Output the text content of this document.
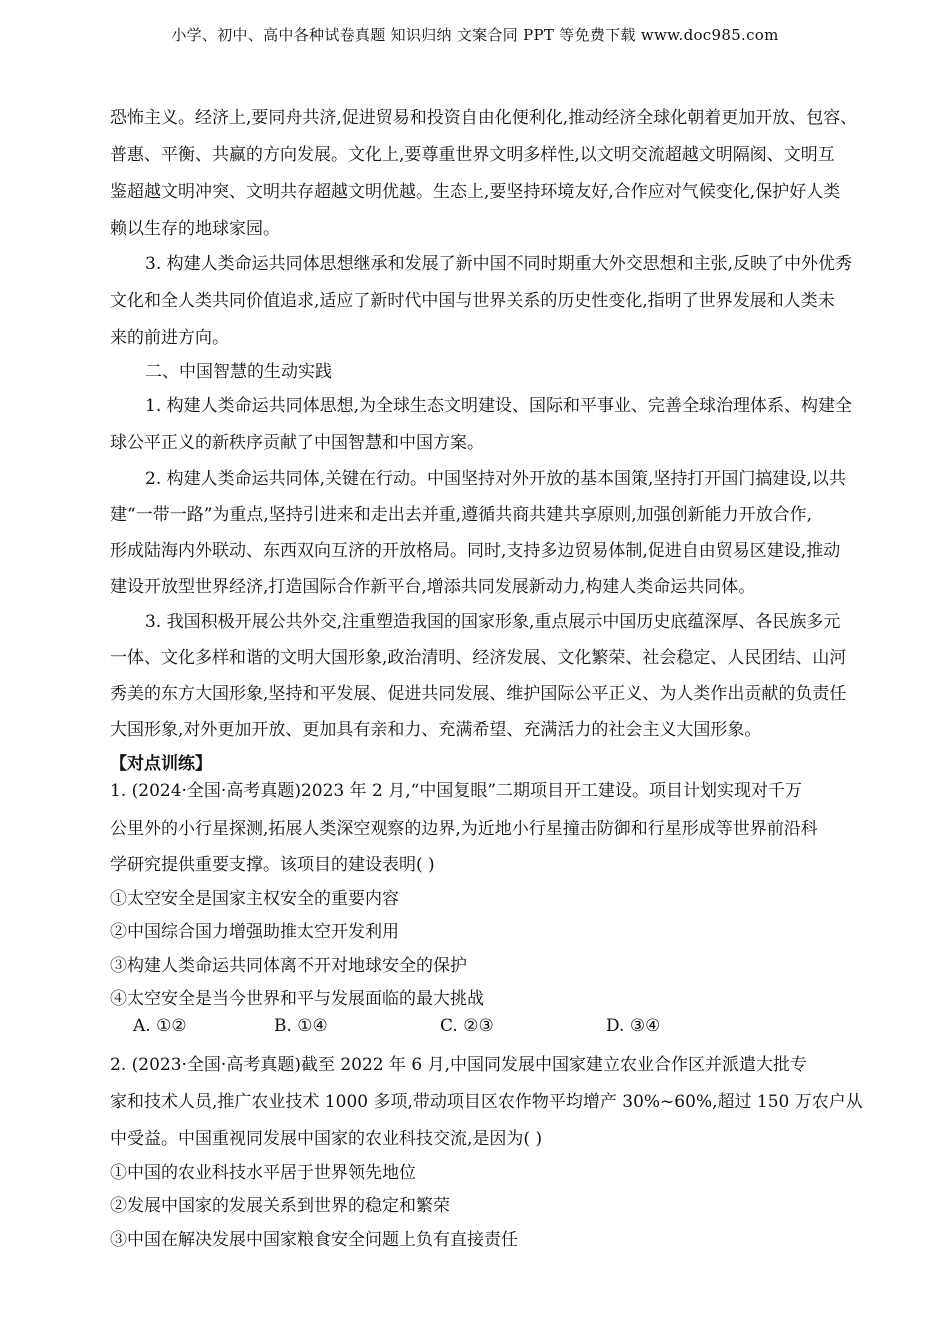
小学、初中、高中各种试卷真题 知识归纳 文案合同 PPT 等免费下载 www.doc985.com
恐怖主义。经济上,要同舟共济,促进贸易和投资自由化便利化,推动经济全球化朝着更加开放、包容、
普惠、平衡、共赢的方向发展。文化上,要尊重世界文明多样性,以文明交流超越文明隔阂、文明互
鉴超越文明冲突、文明共存超越文明优越。生态上,要坚持环境友好,合作应对气候变化,保护好人类
赖以生存的地球家园。
3. 构建人类命运共同体思想继承和发展了新中国不同时期重大外交思想和主张,反映了中外优秀
文化和全人类共同价值追求,适应了新时代中国与世界关系的历史性变化,指明了世界发展和人类未
来的前进方向。
二、中国智慧的生动实践
1. 构建人类命运共同体思想,为全球生态文明建设、国际和平事业、完善全球治理体系、构建全
球公平正义的新秩序贡献了中国智慧和中国方案。
2. 构建人类命运共同体,关键在行动。中国坚持对外开放的基本国策,坚持打开国门搞建设,以共
建“一带一路”为重点,坚持引进来和走出去并重,遵循共商共建共享原则,加强创新能力开放合作,
形成陆海内外联动、东西双向互济的开放格局。同时,支持多边贸易体制,促进自由贸易区建设,推动
建设开放型世界经济,打造国际合作新平台,增添共同发展新动力,构建人类命运共同体。
3. 我国积极开展公共外交,注重塑造我国的国家形象,重点展示中国历史底蕴深厚、各民族多元
一体、文化多样和谐的文明大国形象,政治清明、经济发展、文化繁荣、社会稳定、人民团结、山河
秀美的东方大国形象,坚持和平发展、促进共同发展、维护国际公平正义、为人类作出贡献的负责任
大国形象,对外更加开放、更加具有亲和力、充满希望、充满活力的社会主义大国形象。
【对点训练】
1. (2024·全国·高考真题)2023 年 2 月,“中国复眼”二期项目开工建设。项目计划实现对千万
公里外的小行星探测,拓展人类深空观察的边界,为近地小行星撞击防御和行星形成等世界前沿科
学研究提供重要支撑。该项目的建设表明( )
①太空安全是国家主权安全的重要内容
②中国综合国力增强助推太空开发利用
③构建人类命运共同体离不开对地球安全的保护
④太空安全是当今世界和平与发展面临的最大挑战
A. ①②	B. ①④	C. ②③	D. ③④
2. (2023·全国·高考真题)截至 2022 年 6 月,中国同发展中国家建立农业合作区并派遣大批专
家和技术人员,推广农业技术 1000 多项,带动项目区农作物平均增产 30%~60%,超过 150 万农户从
中受益。中国重视同发展中国家的农业科技交流,是因为( )
①中国的农业科技水平居于世界领先地位
②发展中国家的发展关系到世界的稳定和繁荣
③中国在解决发展中国家粮食安全问题上负有直接责任
